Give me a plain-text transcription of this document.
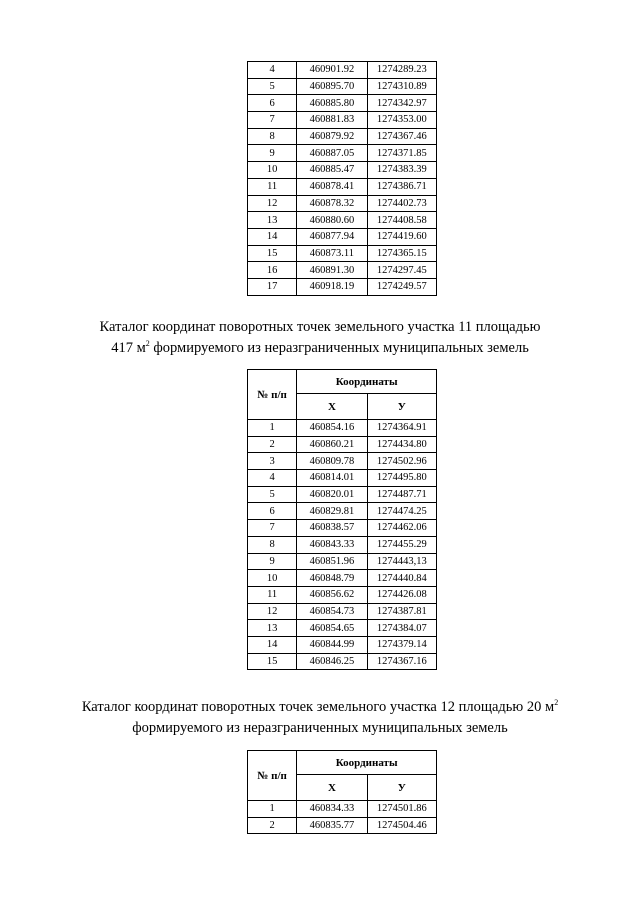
4	460901.92	1274289.23
5	460895.70	1274310.89
6	460885.80	1274342.97
7	460881.83	1274353.00
8	460879.92	1274367.46
9	460887.05	1274371.85
10	460885.47	1274383.39
11	460878.41	1274386.71
12	460878.32	1274402.73
13	460880.60	1274408.58
14	460877.94	1274419.60
15	460873.11	1274365.15
16	460891.30	1274297.45
17	460918.19	1274249.57
Каталог координат поворотных точек земельного участка 11 площадью
417 $м^2$ формируемого из неразграниченных муниципальных земель
№ п/п	Координаты	
	X	У
1	460854.16	1274364.91
2	460860.21	1274434.80
3	460809.78	1274502.96
4	460814.01	1274495.80
5	460820.01	1274487.71
6	460829.81	1274474.25
7	460838.57	1274462.06
8	460843.33	1274455.29
9	460851.96	1274443,13
10	460848.79	1274440.84
11	460856.62	1274426.08
12	460854.73	1274387.81
13	460854.65	1274384.07
14	460844.99	1274379.14
15	460846.25	1274367.16
Каталог координат поворотных точек земельного участка 12 площадью 20 $м^2$
формируемого из неразграниченных муниципальных земель
№ п/п	Координаты	
	X	У
1	460834.33	1274501.86
2	460835.77	1274504.46
